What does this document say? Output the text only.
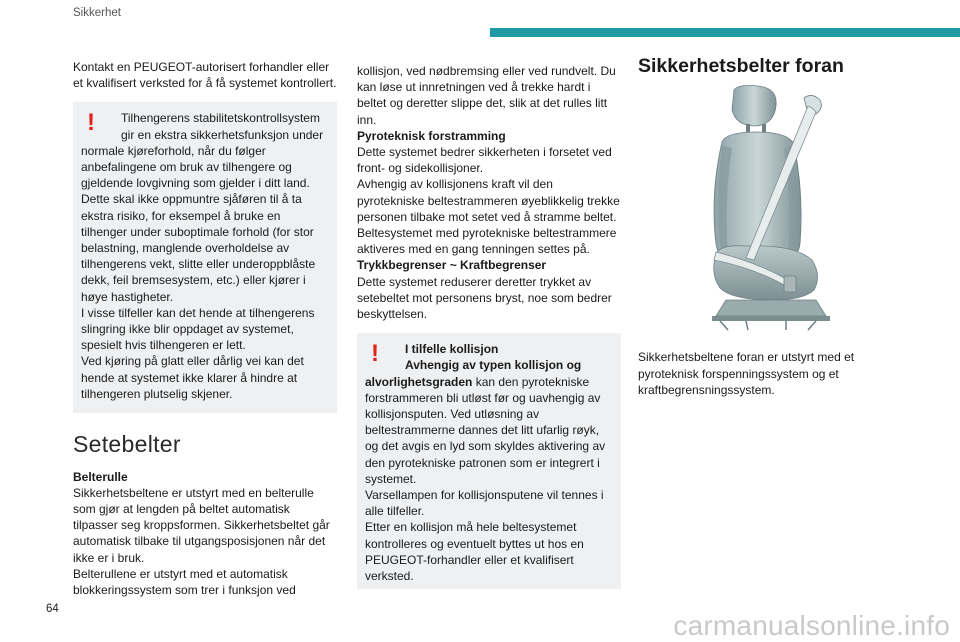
Sikkerhet

Kontakt en PEUGEOT-autorisert forhandler eller et kvalifisert verksted for å få systemet kontrollert.

!	Tilhengerens stabilitetskontrollsystem gir en ekstra sikkerhetsfunksjon under

normale kjøreforhold, når du følger anbefalingene om bruk av tilhengere og gjeldende lovgivning som gjelder i ditt land. Dette skal ikke oppmuntre sjåføren til å ta ekstra risiko, for eksempel å bruke en tilhenger under suboptimale forhold (for stor belastning, manglende overholdelse av tilhengerens vekt, slitte eller underoppblåste dekk, feil bremsesystem, etc.) eller kjører i høye hastigheter.

I visse tilfeller kan det hende at tilhengerens slingring ikke blir oppdaget av systemet, spesielt hvis tilhengeren er lett.

Ved kjøring på glatt eller dårlig vei kan det hende at systemet ikke klarer å hindre at tilhengeren plutselig skjener.

Setebelter

Belterulle

Sikkerhetsbeltene er utstyrt med en belterulle som gjør at lengden på beltet automatisk tilpasser seg kroppsformen. Sikkerhetsbeltet går automatisk tilbake til utgangsposisjonen når det ikke er i bruk.

Belterullene er utstyrt med et automatisk blokkeringssystem som trer i funksjon ved

kollisjon, ved nødbremsing eller ved rundvelt. Du kan løse ut innretningen ved å trekke hardt i beltet og deretter slippe det, slik at det rulles litt inn.

Pyroteknisk forstramming

Dette systemet bedrer sikkerheten i forsetet ved front- og sidekollisjoner.

Avhengig av kollisjonens kraft vil den pyrotekniske beltestrammeren øyeblikkelig trekke personen tilbake mot setet ved å stramme beltet.

Beltesystemet med pyrotekniske beltestrammere aktiveres med en gang tenningen settes på.

Trykkbegrenser ~ Kraftbegrenser

Dette systemet reduserer deretter trykket av setebeltet mot personens bryst, noe som bedrer beskyttelsen.

!	I tilfelle kollisjon

Avhengig av typen kollisjon og

alvorlighetsgraden kan den pyrotekniske forstrammeren bli utløst før og uavhengig av kollisjonsputen. Ved utløsning av beltestrammerne dannes det litt ufarlig røyk, og det avgis en lyd som skyldes aktivering av den pyrotekniske patronen som er integrert i systemet.

Varsellampen for kollisjonsputene vil tennes i alle tilfeller.

Etter en kollisjon må hele beltesystemet kontrolleres og eventuelt byttes ut hos en PEUGEOT-forhandler eller et kvalifisert verksted.

Sikkerhetsbelter foran

Sikkerhetsbeltene foran er utstyrt med et pyroteknisk forspenningssystem og et kraftbegrensningssystem.

64
carmanualsonline.info
